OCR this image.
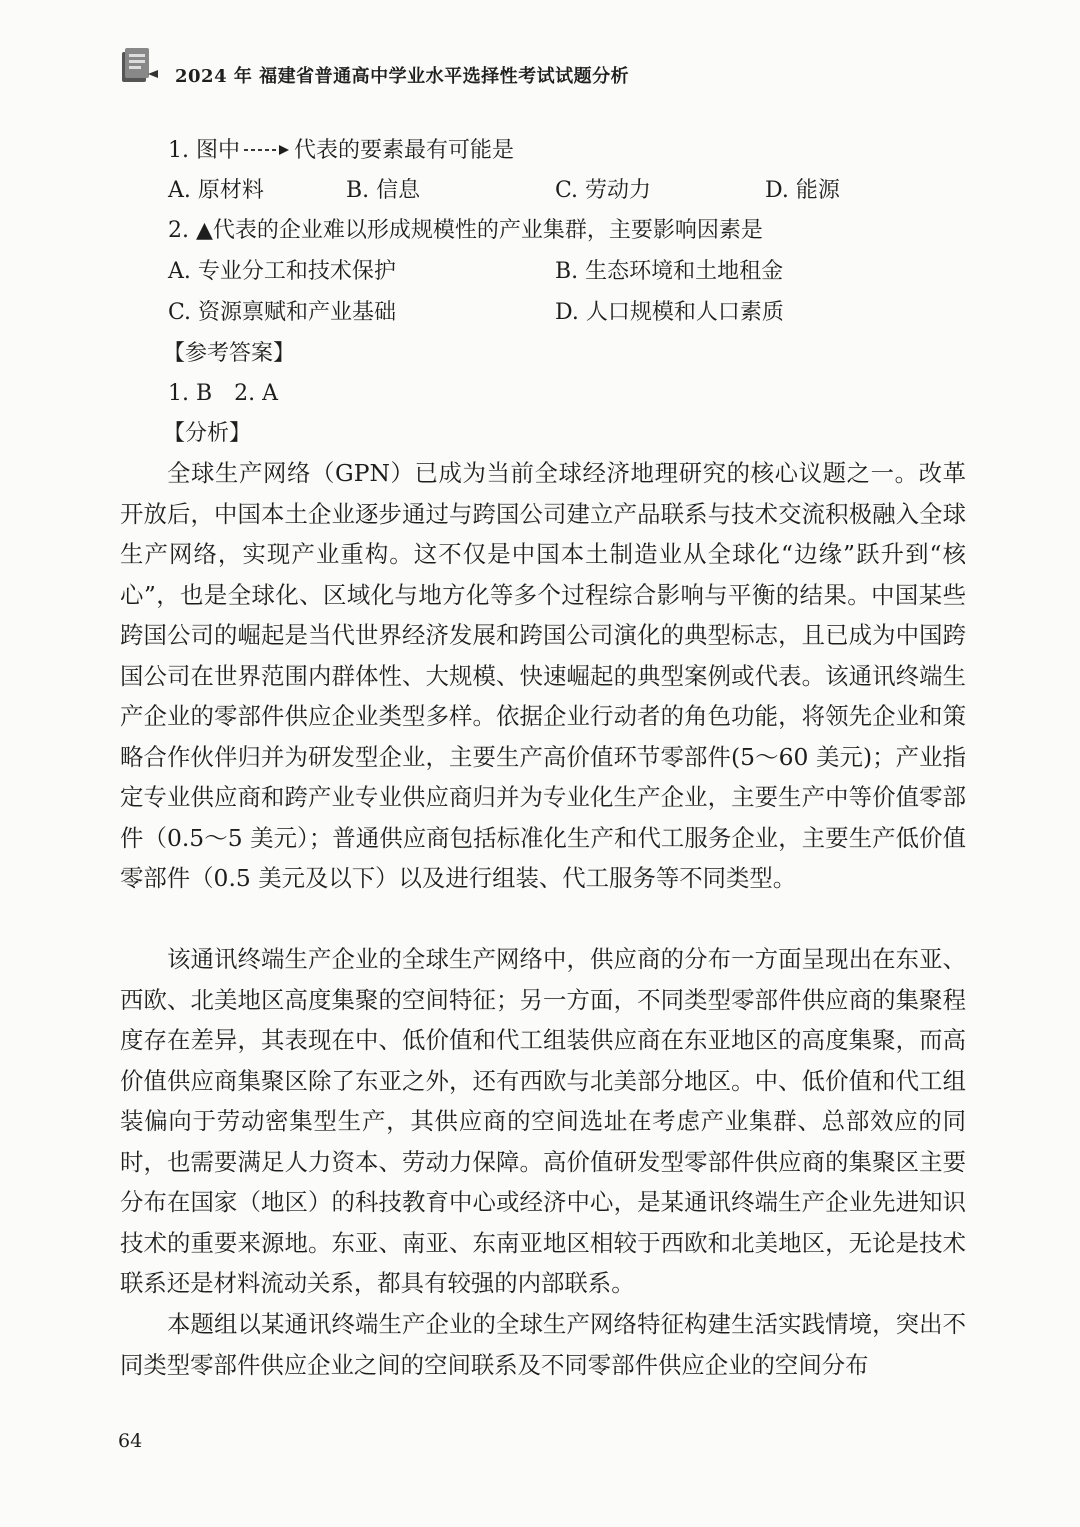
2024 年 福建省普通高中学业水平选择性考试试题分析
1. 图中 代表的要素最有可能是
A. 原材料	B. 信息	C. 劳动力	D. 能源
2. ▲代表的企业难以形成规模性的产业集群，主要影响因素是
A. 专业分工和技术保护	B. 生态环境和土地租金
C. 资源禀赋和产业基础	D. 人口规模和人口素质
【参考答案】
1. B　2. A
【分析】

全球生产网络（GPN）已成为当前全球经济地理研究的核心议题之一。改革开放后，中国本土企业逐步通过与跨国公司建立产品联系与技术交流积极融入全球生产网络，实现产业重构。这不仅是中国本土制造业从全球化“边缘”跃升到“核心”，也是全球化、区域化与地方化等多个过程综合影响与平衡的结果。中国某些跨国公司的崛起是当代世界经济发展和跨国公司演化的典型标志，且已成为中国跨国公司在世界范围内群体性、大规模、快速崛起的典型案例或代表。该通讯终端生产企业的零部件供应企业类型多样。依据企业行动者的角色功能，将领先企业和策略合作伙伴归并为研发型企业，主要生产高价值环节零部件(5～60 美元)；产业指定专业供应商和跨产业专业供应商归并为专业化生产企业，主要生产中等价值零部件（0.5～5 美元）；普通供应商包括标准化生产和代工服务企业，主要生产低价值零部件（0.5 美元及以下）以及进行组装、代工服务等不同类型。

该通讯终端生产企业的全球生产网络中，供应商的分布一方面呈现出在东亚、西欧、北美地区高度集聚的空间特征；另一方面，不同类型零部件供应商的集聚程度存在差异，其表现在中、低价值和代工组装供应商在东亚地区的高度集聚，而高价值供应商集聚区除了东亚之外，还有西欧与北美部分地区。中、低价值和代工组装偏向于劳动密集型生产，其供应商的空间选址在考虑产业集群、总部效应的同时，也需要满足人力资本、劳动力保障。高价值研发型零部件供应商的集聚区主要分布在国家（地区）的科技教育中心或经济中心，是某通讯终端生产企业先进知识技术的重要来源地。东亚、南亚、东南亚地区相较于西欧和北美地区，无论是技术联系还是材料流动关系，都具有较强的内部联系。

本题组以某通讯终端生产企业的全球生产网络特征构建生活实践情境，突出不同类型零部件供应企业之间的空间联系及不同零部件供应企业的空间分布

64
